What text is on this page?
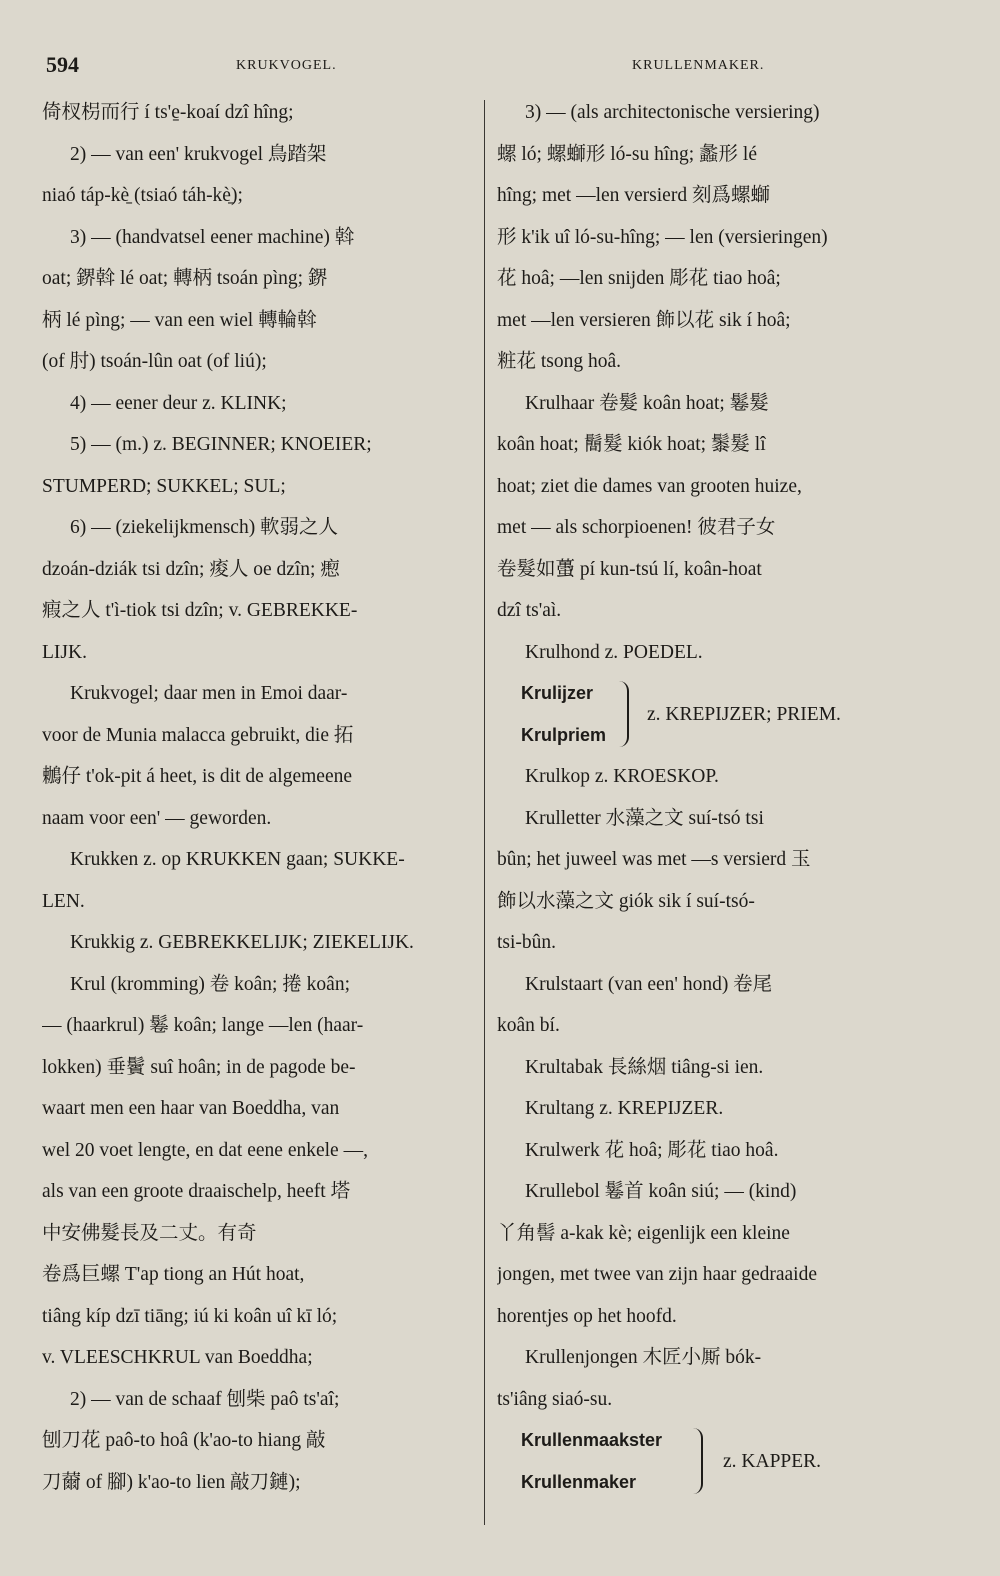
594	KRUKVOGEL.	KRULLENMAKER.
倚杈枴而行 í ts'e̱-koaí dzî hîng;
2) — van een' krukvogel 鳥踏架
niaó táp-kè̱ (tsiaó táh-kè̱);
3) — (handvatsel eener machine) 斡
oat; 鎅斡 lé oat; 轉柄 tsoán pìng; 鎅
柄 lé pìng; — van een wiel 轉輪斡
(of 肘) tsoán-lûn oat (of liú);
4) — eener deur z. KLINK;
5) — (m.) z. BEGINNER; KNOEIER;
STUMPERD; SUKKEL; SUL;
6) — (ziekelijkmensch) 軟弱之人
dzoán-dziák tsi dzîn; 痠人 oe dzîn; 瘛
瘕之人 t'ì-tiok tsi dzîn; v. GEBREKKE-
LIJK.
Krukvogel; daar men in Emoi daar-
voor de Munia malacca gebruikt, die 拓
鶒仔 t'ok-pit á heet, is dit de algemeene
naam voor een' — geworden.
Krukken z. op KRUKKEN gaan; SUKKE-
LEN.
Krukkig z. GEBREKKELIJK; ZIEKELIJK.
Krul (kromming) 卷 koân; 捲 koân;
— (haarkrul) 鬈 koân; lange —len (haar-
lokken) 垂鬢 suî hoân; in de pagode be-
waart men een haar van Boeddha, van
wel 20 voet lengte, en dat eene enkele —,
als van een groote draaischelp, heeft 塔
中安佛髮長及二丈。有奇
卷爲巨螺 T'ap tiong an Hút hoat,
tiâng kíp dzī tiāng; iú ki koân uî kī ló;
v. VLEESCHKRUL van Boeddha;
2) — van de schaaf 刨柴 paô ts'aî;
刨刀花 paô-to hoâ (k'ao-to hiang 敲
刀薾 of 腳) k'ao-to lien 敲刀鏈);
3) — (als architectonische versiering)
螺 ló; 螺螄形 ló-su hîng; 蠡形 lé
hîng; met —len versierd 刻爲螺螄
形 k'ik uî ló-su-hîng; — len (versieringen)
花 hoâ; —len snijden 彫花 tiao hoâ;
met —len versieren 飾以花 sik í hoâ;
粧花 tsong hoâ.
Krulhaar 卷髮 koân hoat; 鬈髮
koân hoat; 鬝髮 kiók hoat; 䰍髮 lî
hoat; ziet die dames van grooten huize,
met — als schorpioenen! 彼君子女
卷髮如蠆 pí kun-tsú lí, koân-hoat
dzî ts'aì.
Krulhond z. POEDEL.
Krulijzer
Krulpriem
z. KREPIJZER; PRIEM.
Krulkop z. KROESKOP.
Krulletter 水藻之文 suí-tsó tsi
bûn; het juweel was met —s versierd 玉
飾以水藻之文 giók sik í suí-tsó-
tsi-bûn.
Krulstaart (van een' hond) 卷尾
koân bí.
Krultabak 長絲烟 tiâng-si ien.
Krultang z. KREPIJZER.
Krulwerk 花 hoâ; 彫花 tiao hoâ.
Krullebol 鬈首 koân siú; — (kind)
丫角髻 a-kak kè; eigenlijk een kleine
jongen, met twee van zijn haar gedraaide
horentjes op het hoofd.
Krullenjongen 木匠小厮 bók-
ts'iâng siaó-su.
Krullenmaakster
Krullenmaker
z. KAPPER.
